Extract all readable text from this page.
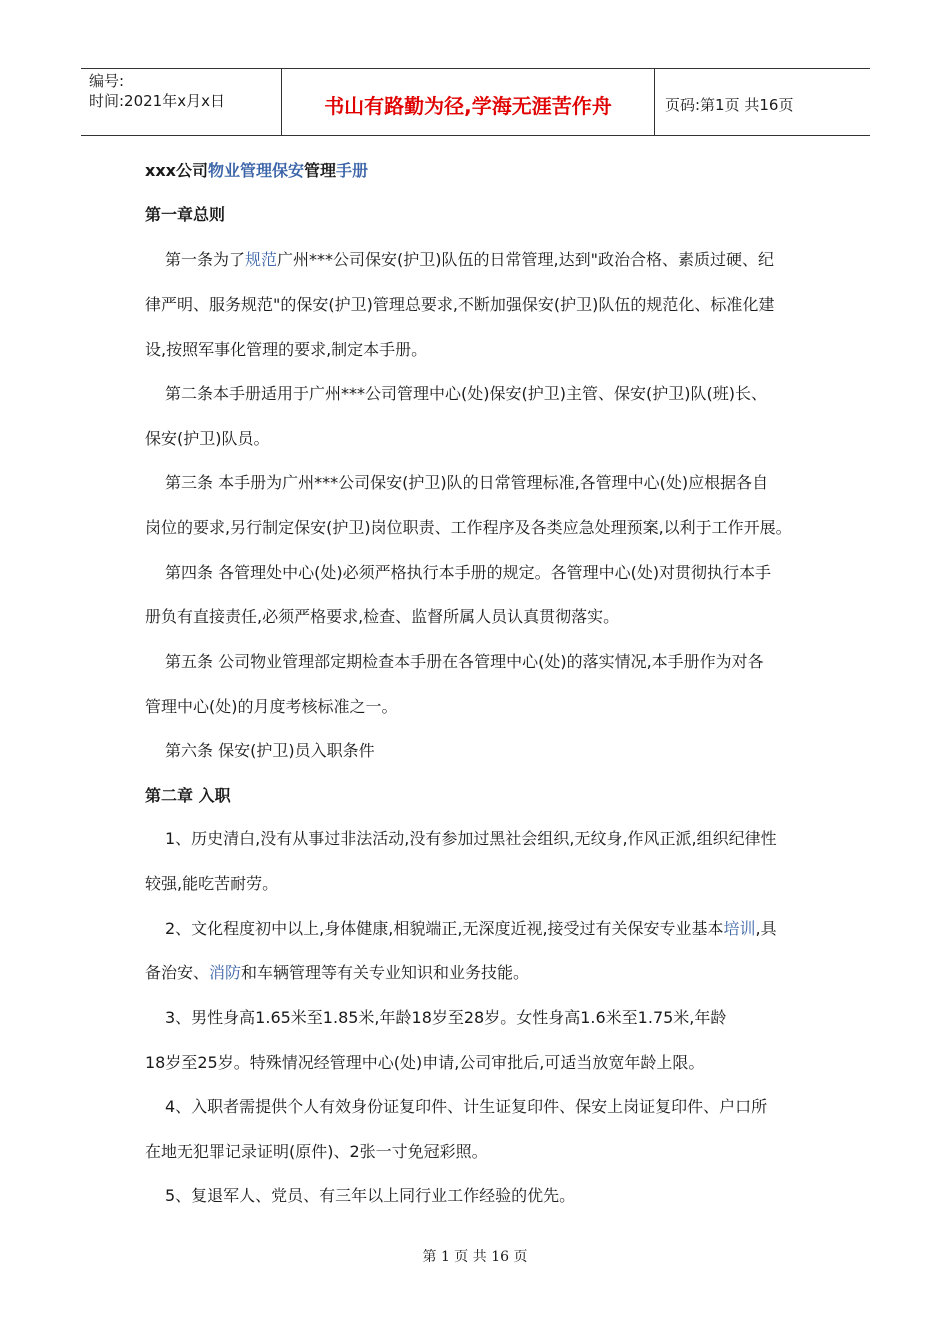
编号:
时间:2021年x月x日	书山有路勤为径,学海无涯苦作舟	页码:第1页 共16页
xxx公司物业管理保安管理手册
第一章总则
第一条为了规范广州***公司保安(护卫)队伍的日常管理,达到"政治合格、素质过硬、纪
律严明、服务规范"的保安(护卫)管理总要求,不断加强保安(护卫)队伍的规范化、标准化建
设,按照军事化管理的要求,制定本手册。
第二条本手册适用于广州***公司管理中心(处)保安(护卫)主管、保安(护卫)队(班)长、
保安(护卫)队员。
第三条 本手册为广州***公司保安(护卫)队的日常管理标准,各管理中心(处)应根据各自
岗位的要求,另行制定保安(护卫)岗位职责、工作程序及各类应急处理预案,以利于工作开展。
第四条 各管理处中心(处)必须严格执行本手册的规定。各管理中心(处)对贯彻执行本手
册负有直接责任,必须严格要求,检查、监督所属人员认真贯彻落实。
第五条 公司物业管理部定期检查本手册在各管理中心(处)的落实情况,本手册作为对各
管理中心(处)的月度考核标准之一。
第六条 保安(护卫)员入职条件
第二章 入职
1、历史清白,没有从事过非法活动,没有参加过黑社会组织,无纹身,作风正派,组织纪律性
较强,能吃苦耐劳。
2、文化程度初中以上,身体健康,相貌端正,无深度近视,接受过有关保安专业基本培训,具
备治安、消防和车辆管理等有关专业知识和业务技能。
3、男性身高1.65米至1.85米,年龄18岁至28岁。女性身高1.6米至1.75米,年龄
18岁至25岁。特殊情况经管理中心(处)申请,公司审批后,可适当放宽年龄上限。
4、入职者需提供个人有效身份证复印件、计生证复印件、保安上岗证复印件、户口所
在地无犯罪记录证明(原件)、2张一寸免冠彩照。
5、复退军人、党员、有三年以上同行业工作经验的优先。
第 1 页 共 16 页
